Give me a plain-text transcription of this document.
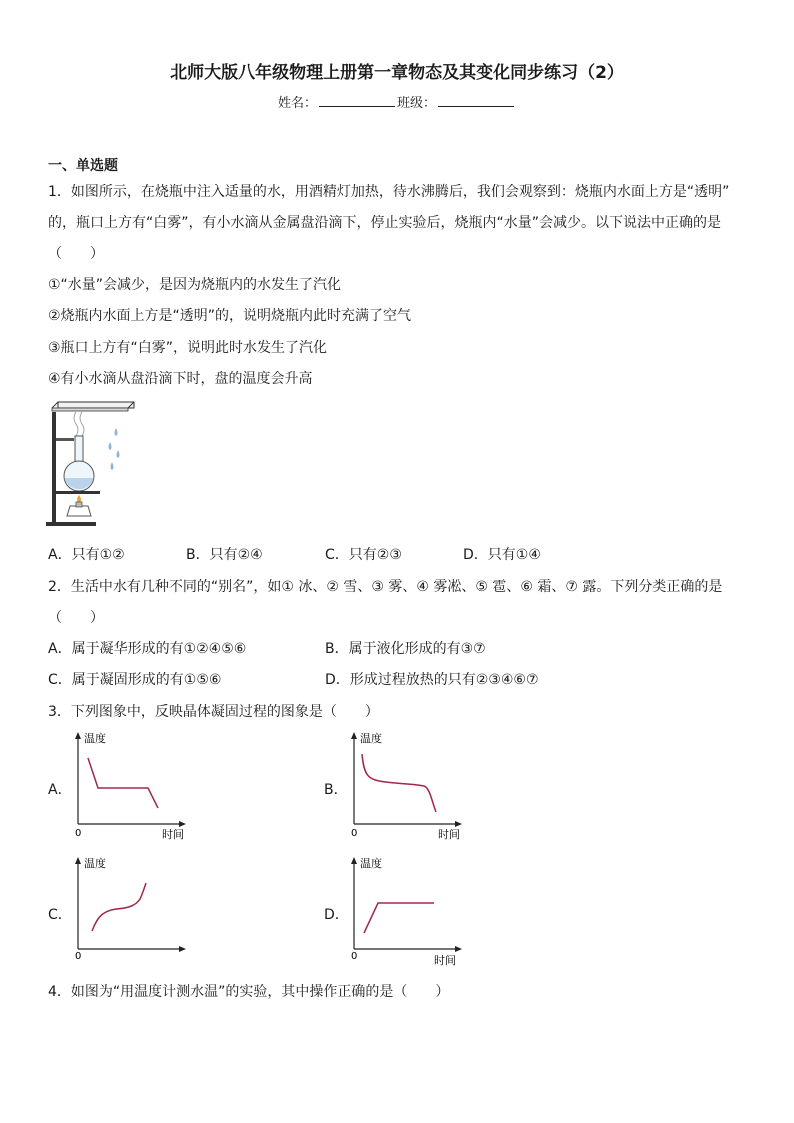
北师大版八年级物理上册第一章物态及其变化同步练习（2）
姓名：	班级：
一、单选题
1．如图所示，在烧瓶中注入适量的水，用酒精灯加热，待水沸腾后，我们会观察到：烧瓶内水面上方是“透明”
的，瓶口上方有“白雾”，有小水滴从金属盘沿滴下，停止实验后，烧瓶内“水量”会减少。以下说法中正确的是
（　　）
①“水量”会减少，是因为烧瓶内的水发生了汽化
②烧瓶内水面上方是“透明”的，说明烧瓶内此时充满了空气
③瓶口上方有“白雾”，说明此时水发生了汽化
④有小水滴从盘沿滴下时，盘的温度会升高
A．只有①②	B．只有②④	C．只有②③	D．只有①④
2．生活中水有几种不同的“别名”，如① 冰、② 雪、③ 雾、④ 雾凇、⑤ 雹、⑥ 霜、⑦ 露。下列分类正确的是
（　　）
A．属于凝华形成的有①②④⑤⑥	B．属于液化形成的有③⑦
C．属于凝固形成的有①⑤⑥	D．形成过程放热的只有②③④⑥⑦
3．下列图象中，反映晶体凝固过程的图象是（　　）
A．
温度
0	时间
B．
温度
0	时间
C．
温度
0
D．
温度
0	时间
4．如图为“用温度计测水温”的实验，其中操作正确的是（　　）
